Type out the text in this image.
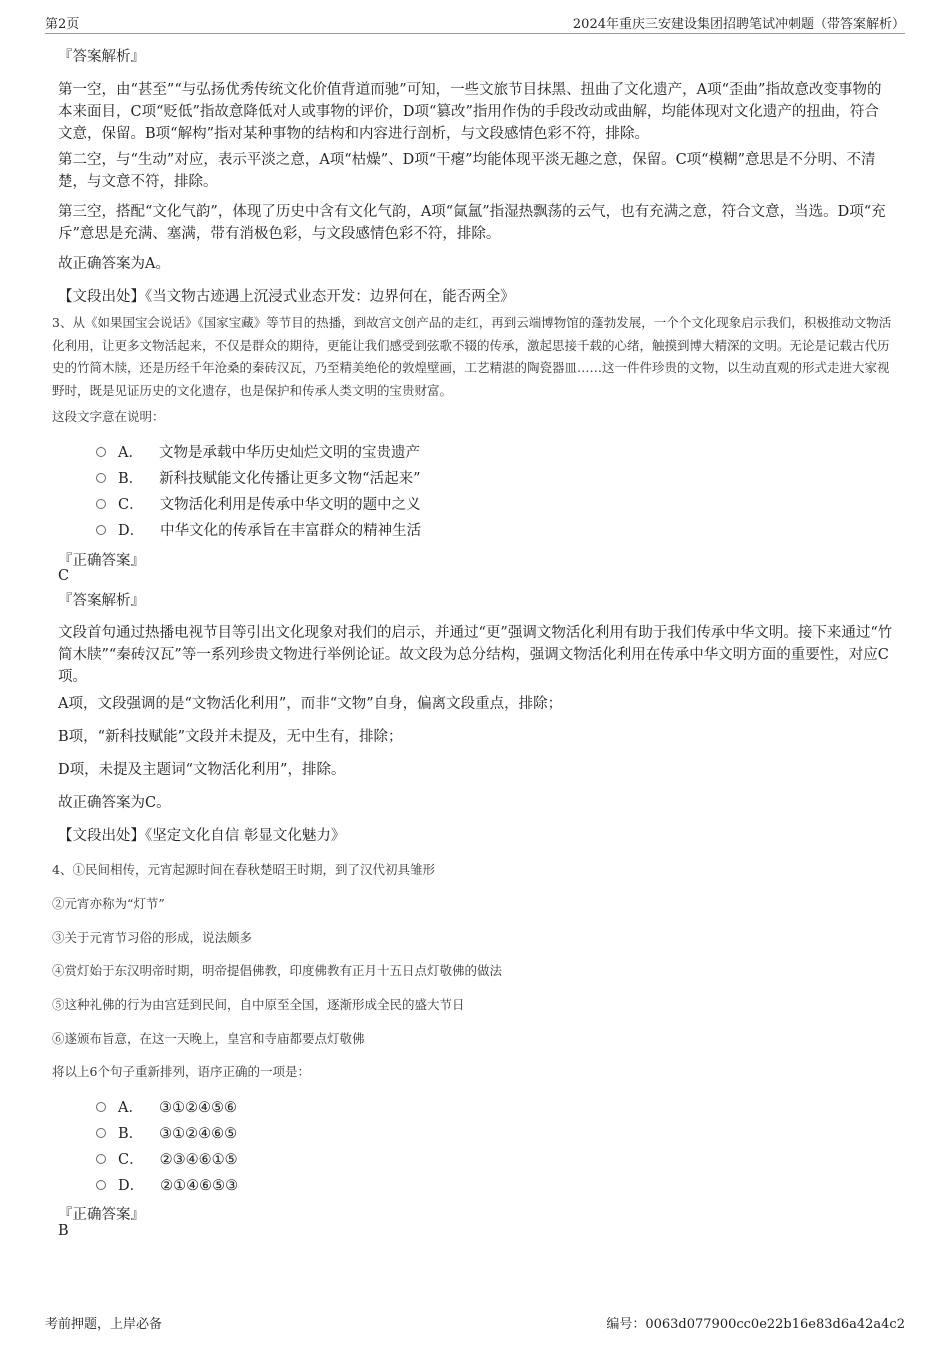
第2页	2024年重庆三安建设集团招聘笔试冲刺题（带答案解析）
『答案解析』
第一空，由“甚至”“与弘扬优秀传统文化价值背道而驰”可知，一些文旅节目抹黑、扭曲了文化遗产，A项“歪曲”指故意改变事物的本来面目，C项“贬低”指故意降低对人或事物的评价，D项“篡改”指用作伪的手段改动或曲解，均能体现对文化遗产的扭曲，符合文意，保留。B项“解构”指对某种事物的结构和内容进行剖析，与文段感情色彩不符，排除。
第二空，与“生动”对应，表示平淡之意，A项“枯燥”、D项“干瘪”均能体现平淡无趣之意，保留。C项“模糊”意思是不分明、不清楚，与文意不符，排除。
第三空，搭配“文化气韵”，体现了历史中含有文化气韵，A项“氤氲”指湿热飘荡的云气，也有充满之意，符合文意，当选。D项“充斥”意思是充满、塞满，带有消极色彩，与文段感情色彩不符，排除。
故正确答案为A。
【文段出处】《当文物古迹遇上沉浸式业态开发：边界何在，能否两全》
3、从《如果国宝会说话》《国家宝藏》等节目的热播，到故宫文创产品的走红，再到云端博物馆的蓬勃发展，一个个文化现象启示我们，积极推动文物活化利用，让更多文物活起来，不仅是群众的期待，更能让我们感受到弦歌不辍的传承，激起思接千载的心绪，触摸到博大精深的文明。无论是记载古代历史的竹简木牍，还是历经千年沧桑的秦砖汉瓦，乃至精美绝伦的敦煌壁画，工艺精湛的陶瓷器皿……这一件件珍贵的文物，以生动直观的形式走进大家视野时，既是见证历史的文化遗存，也是保护和传承人类文明的宝贵财富。
这段文字意在说明：
A． 文物是承载中华历史灿烂文明的宝贵遗产
B． 新科技赋能文化传播让更多文物“活起来”
C． 文物活化利用是传承中华文明的题中之义
D． 中华文化的传承旨在丰富群众的精神生活
『正确答案』
C
『答案解析』
文段首句通过热播电视节目等引出文化现象对我们的启示，并通过“更”强调文物活化利用有助于我们传承中华文明。接下来通过“竹简木牍”“秦砖汉瓦”等一系列珍贵文物进行举例论证。故文段为总分结构，强调文物活化利用在传承中华文明方面的重要性，对应C项。
A项，文段强调的是“文物活化利用”，而非“文物”自身，偏离文段重点，排除；
B项，“新科技赋能”文段并未提及，无中生有，排除；
D项，未提及主题词“文物活化利用”，排除。
故正确答案为C。
【文段出处】《坚定文化自信 彰显文化魅力》
4、①民间相传，元宵起源时间在春秋楚昭王时期，到了汉代初具雏形
②元宵亦称为“灯节”
③关于元宵节习俗的形成，说法颇多
④赏灯始于东汉明帝时期，明帝提倡佛教，印度佛教有正月十五日点灯敬佛的做法
⑤这种礼佛的行为由宫廷到民间，自中原至全国，逐渐形成全民的盛大节日
⑥遂颁布旨意，在这一天晚上，皇宫和寺庙都要点灯敬佛
将以上6个句子重新排列，语序正确的一项是：
A． ③①②④⑤⑥
B． ③①②④⑥⑤
C． ②③④⑥①⑤
D． ②①④⑥⑤③
『正确答案』
B
考前押题，上岸必备	编号：0063d077900cc0e22b16e83d6a42a4c2
